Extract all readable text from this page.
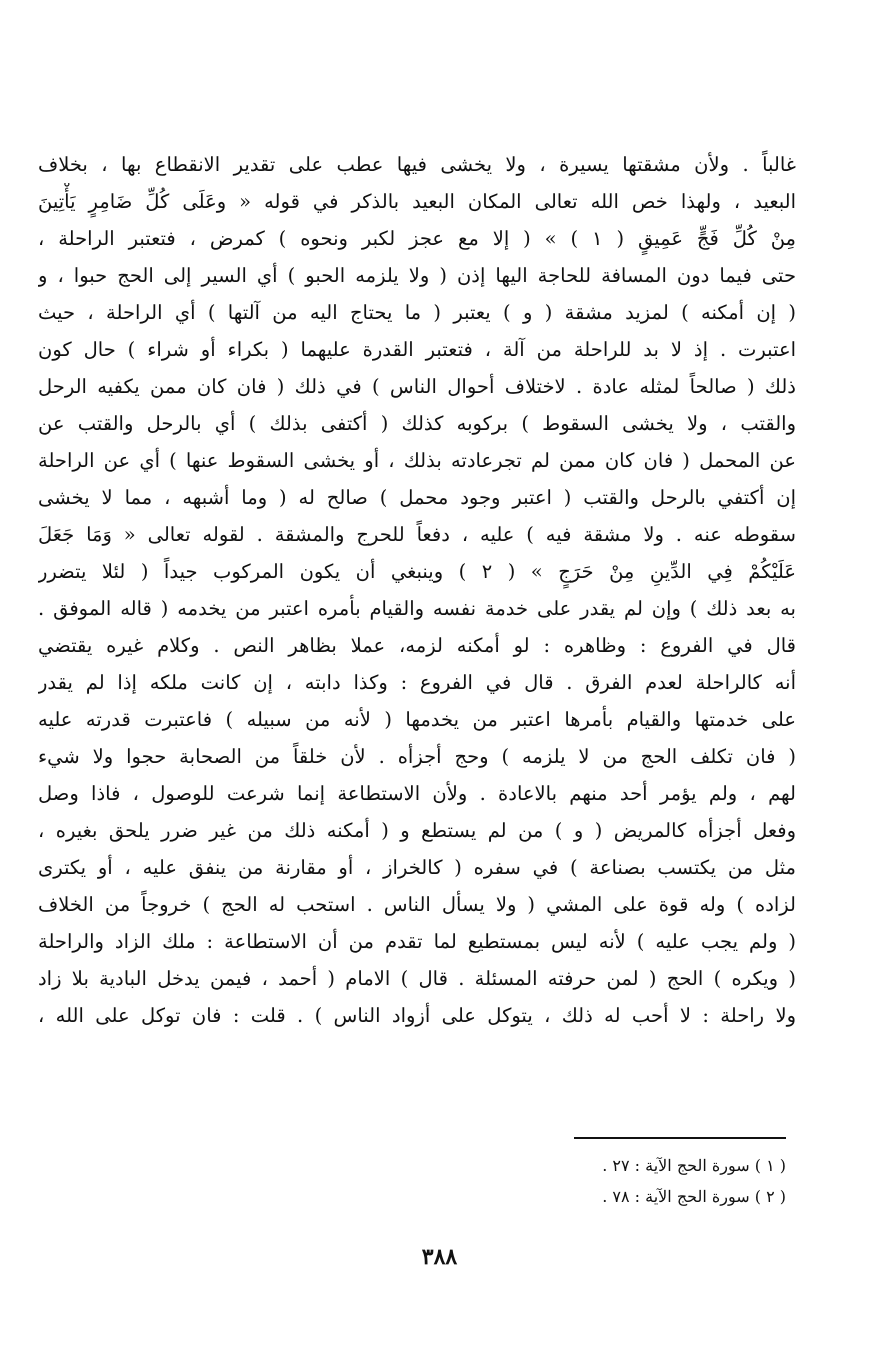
غالباً . ولأن مشقتها يسيرة ، ولا يخشى فيها عطب على تقدير الانقطاع بها ، بخلاف
البعيد ، ولهذا خص الله تعالى المكان البعيد بالذكر في قوله « وعَلَى كُلِّ ضَامِرٍ يَأْتِينَ
مِنْ كُلِّ فَجٍّ عَمِيقٍ ( ١ ) » ( إلا مع عجز لكبر ونحوه ) كمرض ، فتعتبر الراحلة ،
حتى فيما دون المسافة للحاجة اليها إذن ( ولا يلزمه الحبو ) أي السير إلى الحج حبوا ، و
( إن أمكنه ) لمزيد مشقة ( و ) يعتبر ( ما يحتاج اليه من آلتها ) أي الراحلة ، حيث
اعتبرت . إذ لا بد للراحلة من آلة ، فتعتبر القدرة عليهما ( بكراء أو شراء ) حال كون
ذلك ( صالحاً لمثله عادة . لاختلاف أحوال الناس ) في ذلك ( فان كان ممن يكفيه الرحل
والقتب ، ولا يخشى السقوط ) بركوبه كذلك ( أكتفى بذلك ) أي بالرحل والقتب عن
عن المحمل ( فان كان ممن لم تجرعادته بذلك ، أو يخشى السقوط عنها ) أي عن الراحلة
إن أكتفي بالرحل والقتب ( اعتبر وجود محمل ) صالح له ( وما أشبهه ، مما لا يخشى
سقوطه عنه . ولا مشقة فيه ) عليه ، دفعاً للحرج والمشقة . لقوله تعالى « وَمَا جَعَلَ
عَلَيْكُمْ فِي الدِّينِ مِنْ حَرَجٍ » ( ٢ ) وينبغي أن يكون المركوب جيداً ( لئلا يتضرر
به بعد ذلك ) وإن لم يقدر على خدمة نفسه والقيام بأمره اعتبر من يخدمه ( قاله الموفق .
قال في الفروع : وظاهره : لو أمكنه لزمه، عملا بظاهر النص . وكلام غيره يقتضي
أنه كالراحلة لعدم الفرق . قال في الفروع : وكذا دابته ، إن كانت ملكه إذا لم يقدر
على خدمتها والقيام بأمرها اعتبر من يخدمها ( لأنه من سبيله ) فاعتبرت قدرته عليه
( فان تكلف الحج من لا يلزمه ) وحج أجزأه . لأن خلقاً من الصحابة حجوا ولا شيء
لهم ، ولم يؤمر أحد منهم بالاعادة . ولأن الاستطاعة إنما شرعت للوصول ، فاذا وصل
وفعل أجزأه كالمريض ( و ) من لم يستطع و ( أمكنه ذلك من غير ضرر يلحق بغيره ،
مثل من يكتسب بصناعة ) في سفره ( كالخراز ، أو مقارنة من ينفق عليه ، أو يكترى
لزاده ) وله قوة على المشي ( ولا يسأل الناس . استحب له الحج ) خروجاً من الخلاف
( ولم يجب عليه ) لأنه ليس بمستطيع لما تقدم من أن الاستطاعة : ملك الزاد والراحلة
( ويكره ) الحج ( لمن حرفته المسئلة . قال ) الامام ( أحمد ، فيمن يدخل البادية بلا زاد
ولا راحلة : لا أحب له ذلك ، يتوكل على أزواد الناس ) . قلت : فان توكل على الله ،
( ١ ) سورة الحج الآية : ٢٧ .
( ٢ ) سورة الحج الآية : ٧٨ .
٣٨٨
